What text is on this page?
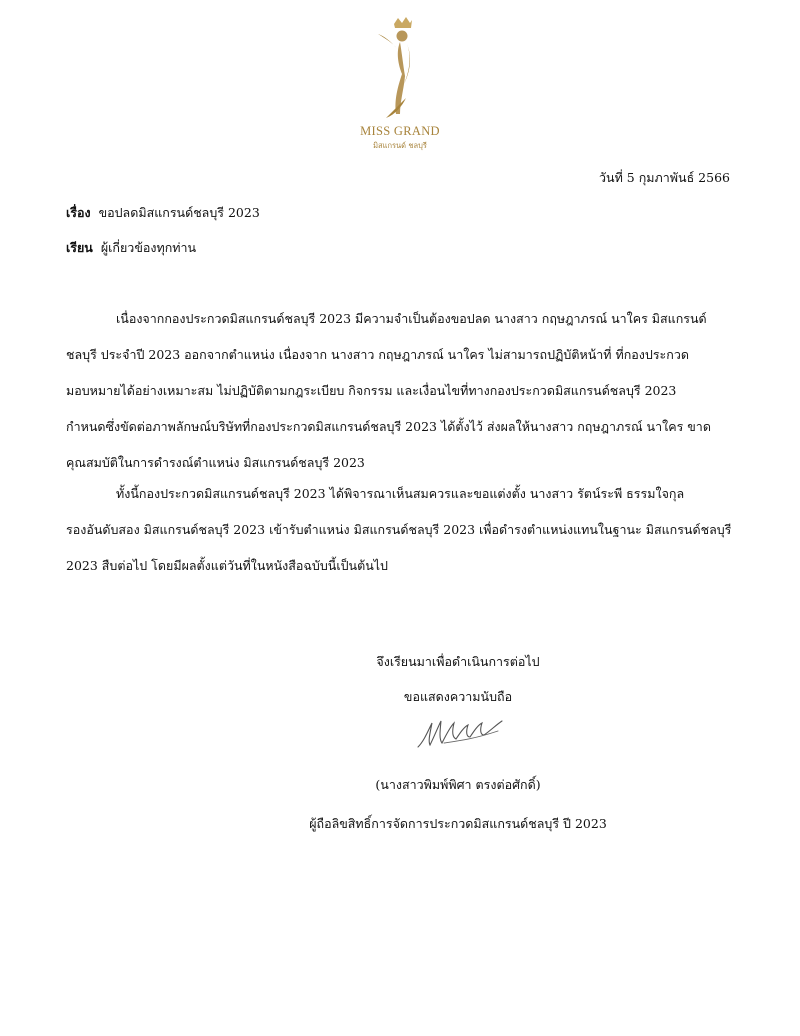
MISS GRAND
มิสแกรนด์ ชลบุรี
วันที่ 5 กุมภาพันธ์ 2566
เรื่อง ขอปลดมิสแกรนด์ชลบุรี 2023
เรียน ผู้เกี่ยวข้องทุกท่าน
เนื่องจากกองประกวดมิสแกรนด์ชลบุรี 2023 มีความจำเป็นต้องขอปลด นางสาว กฤษฎาภรณ์ นาใคร มิสแกรนด์
ชลบุรี ประจำปี 2023 ออกจากตำแหน่ง เนื่องจาก นางสาว กฤษฎาภรณ์ นาใคร ไม่สามารถปฏิบัติหน้าที่ ที่กองประกวด
มอบหมายได้อย่างเหมาะสม ไม่ปฏิบัติตามกฎระเบียบ กิจกรรม และเงื่อนไขที่ทางกองประกวดมิสแกรนด์ชลบุรี 2023
กำหนดซึ่งขัดต่อภาพลักษณ์บริษัทที่กองประกวดมิสแกรนด์ชลบุรี 2023 ได้ตั้งไว้ ส่งผลให้นางสาว กฤษฎาภรณ์ นาใคร ขาด
คุณสมบัติในการดำรงณ์ตำแหน่ง มิสแกรนด์ชลบุรี 2023
ทั้งนี้กองประกวดมิสแกรนด์ชลบุรี 2023 ได้พิจารณาเห็นสมควรและขอแต่งตั้ง นางสาว รัตน์ระพี ธรรมใจกุล
รองอันดับสอง มิสแกรนด์ชลบุรี 2023 เข้ารับตำแหน่ง มิสแกรนด์ชลบุรี 2023 เพื่อดำรงตำแหน่งแทนในฐานะ มิสแกรนด์ชลบุรี
2023 สืบต่อไป โดยมีผลตั้งแต่วันที่ในหนังสือฉบับนี้เป็นต้นไป
จึงเรียนมาเพื่อดำเนินการต่อไป
ขอแสดงความนับถือ
(นางสาวพิมพ์พิศา ตรงต่อศักดิ์)
ผู้ถือลิขสิทธิ์การจัดการประกวดมิสแกรนด์ชลบุรี ปี 2023
